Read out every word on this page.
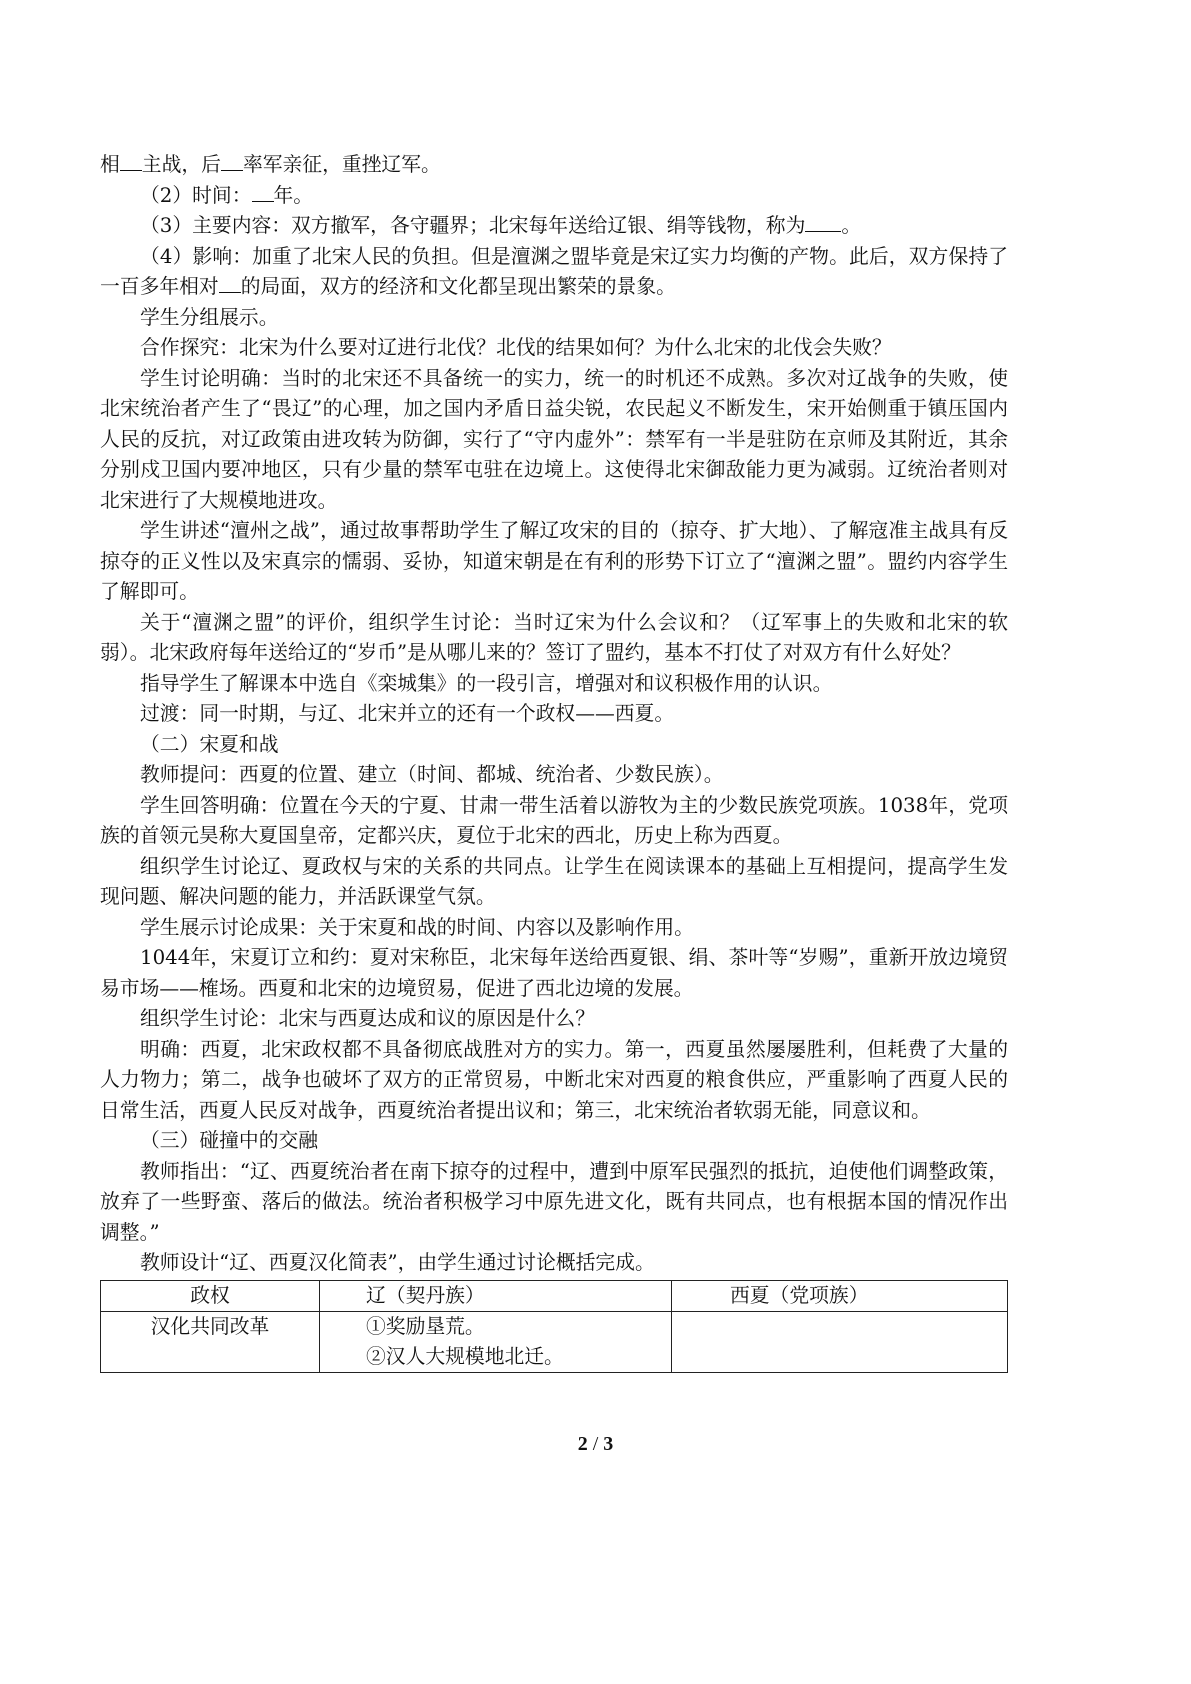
相 主战，后 率军亲征，重挫辽军。

（2）时间： 年。

（3）主要内容：双方撤军，各守疆界；北宋每年送给辽银、绢等钱物，称为 。

（4）影响：加重了北宋人民的负担。但是澶渊之盟毕竟是宋辽实力均衡的产物。此后，双方保持了一百多年相对 的局面，双方的经济和文化都呈现出繁荣的景象。

学生分组展示。

合作探究：北宋为什么要对辽进行北伐？北伐的结果如何？为什么北宋的北伐会失败？

学生讨论明确：当时的北宋还不具备统一的实力，统一的时机还不成熟。多次对辽战争的失败，使北宋统治者产生了“畏辽”的心理，加之国内矛盾日益尖锐，农民起义不断发生，宋开始侧重于镇压国内人民的反抗，对辽政策由进攻转为防御，实行了“守内虚外”：禁军有一半是驻防在京师及其附近，其余分别戍卫国内要冲地区，只有少量的禁军屯驻在边境上。这使得北宋御敌能力更为减弱。辽统治者则对北宋进行了大规模地进攻。

学生讲述“澶州之战”，通过故事帮助学生了解辽攻宋的目的（掠夺、扩大地）、了解寇准主战具有反掠夺的正义性以及宋真宗的懦弱、妥协，知道宋朝是在有利的形势下订立了“澶渊之盟”。盟约内容学生了解即可。

关于“澶渊之盟”的评价，组织学生讨论：当时辽宋为什么会议和？（辽军事上的失败和北宋的软弱）。北宋政府每年送给辽的“岁币”是从哪儿来的？签订了盟约，基本不打仗了对双方有什么好处？

指导学生了解课本中选自《栾城集》的一段引言，增强对和议积极作用的认识。

过渡：同一时期，与辽、北宋并立的还有一个政权——西夏。

（二）宋夏和战

教师提问：西夏的位置、建立（时间、都城、统治者、少数民族）。

学生回答明确：位置在今天的宁夏、甘肃一带生活着以游牧为主的少数民族党项族。1038年，党项族的首领元昊称大夏国皇帝，定都兴庆，夏位于北宋的西北，历史上称为西夏。

组织学生讨论辽、夏政权与宋的关系的共同点。让学生在阅读课本的基础上互相提问，提高学生发现问题、解决问题的能力，并活跃课堂气氛。

学生展示讨论成果：关于宋夏和战的时间、内容以及影响作用。

1044年，宋夏订立和约：夏对宋称臣，北宋每年送给西夏银、绢、茶叶等“岁赐”，重新开放边境贸易市场——榷场。西夏和北宋的边境贸易，促进了西北边境的发展。

组织学生讨论：北宋与西夏达成和议的原因是什么？

明确：西夏，北宋政权都不具备彻底战胜对方的实力。第一，西夏虽然屡屡胜利，但耗费了大量的人力物力；第二，战争也破坏了双方的正常贸易，中断北宋对西夏的粮食供应，严重影响了西夏人民的日常生活，西夏人民反对战争，西夏统治者提出议和；第三，北宋统治者软弱无能，同意议和。

（三）碰撞中的交融

教师指出：“辽、西夏统治者在南下掠夺的过程中，遭到中原军民强烈的抵抗，迫使他们调整政策，放弃了一些野蛮、落后的做法。统治者积极学习中原先进文化，既有共同点，也有根据本国的情况作出调整。”

教师设计“辽、西夏汉化简表”，由学生通过讨论概括完成。

政权	辽（契丹族）	西夏（党项族）
汉化共同改革	①奖励垦荒。
②汉人大规模地北迁。	

2 / 3
